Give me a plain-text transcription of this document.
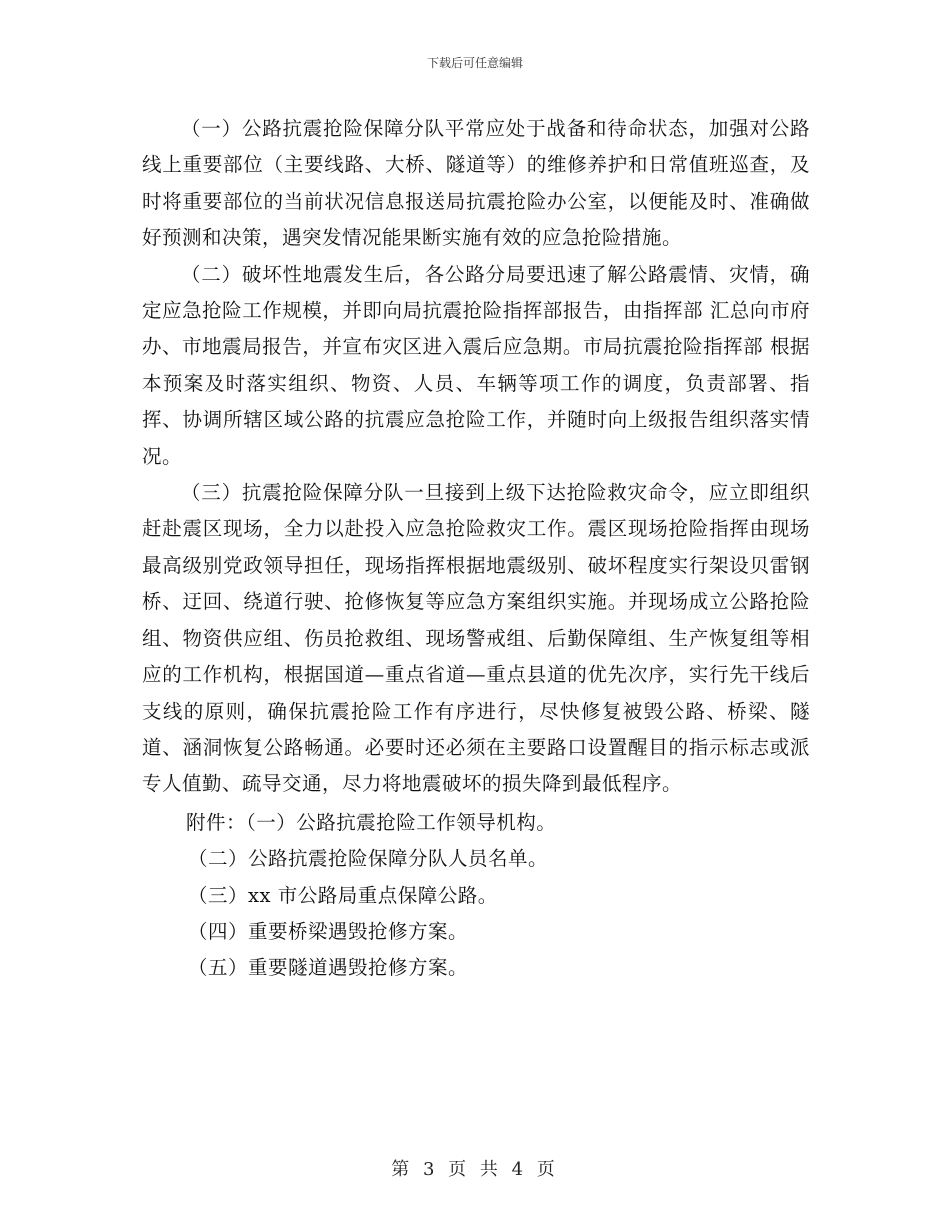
下载后可任意编辑

（一）公路抗震抢险保障分队平常应处于战备和待命状态，加强对公路线上重要部位（主要线路、大桥、隧道等）的维修养护和日常值班巡查，及时将重要部位的当前状况信息报送局抗震抢险办公室，以便能及时、准确做好预测和决策，遇突发情况能果断实施有效的应急抢险措施。

（二）破坏性地震发生后，各公路分局要迅速了解公路震情、灾情，确定应急抢险工作规模，并即向局抗震抢险指挥部报告，由指挥部 汇总向市府办、市地震局报告，并宣布灾区进入震后应急期。市局抗震抢险指挥部 根据本预案及时落实组织、物资、人员、车辆等项工作的调度，负责部署、指挥、协调所辖区域公路的抗震应急抢险工作，并随时向上级报告组织落实情况。

（三）抗震抢险保障分队一旦接到上级下达抢险救灾命令，应立即组织赶赴震区现场，全力以赴投入应急抢险救灾工作。震区现场抢险指挥由现场最高级别党政领导担任，现场指挥根据地震级别、破坏程度实行架设贝雷钢桥、迂回、绕道行驶、抢修恢复等应急方案组织实施。并现场成立公路抢险组、物资供应组、伤员抢救组、现场警戒组、后勤保障组、生产恢复组等相应的工作机构，根据国道—重点省道—重点县道的优先次序，实行先干线后支线的原则，确保抗震抢险工作有序进行，尽快修复被毁公路、桥梁、隧道、涵洞恢复公路畅通。必要时还必须在主要路口设置醒目的指示标志或派专人值勤、疏导交通，尽力将地震破坏的损失降到最低程序。

附件：（一）公路抗震抢险工作领导机构。

（二）公路抗震抢险保障分队人员名单。

（三）xx 市公路局重点保障公路。

（四）重要桥梁遇毁抢修方案。

（五）重要隧道遇毁抢修方案。

第 3 页 共 4 页
